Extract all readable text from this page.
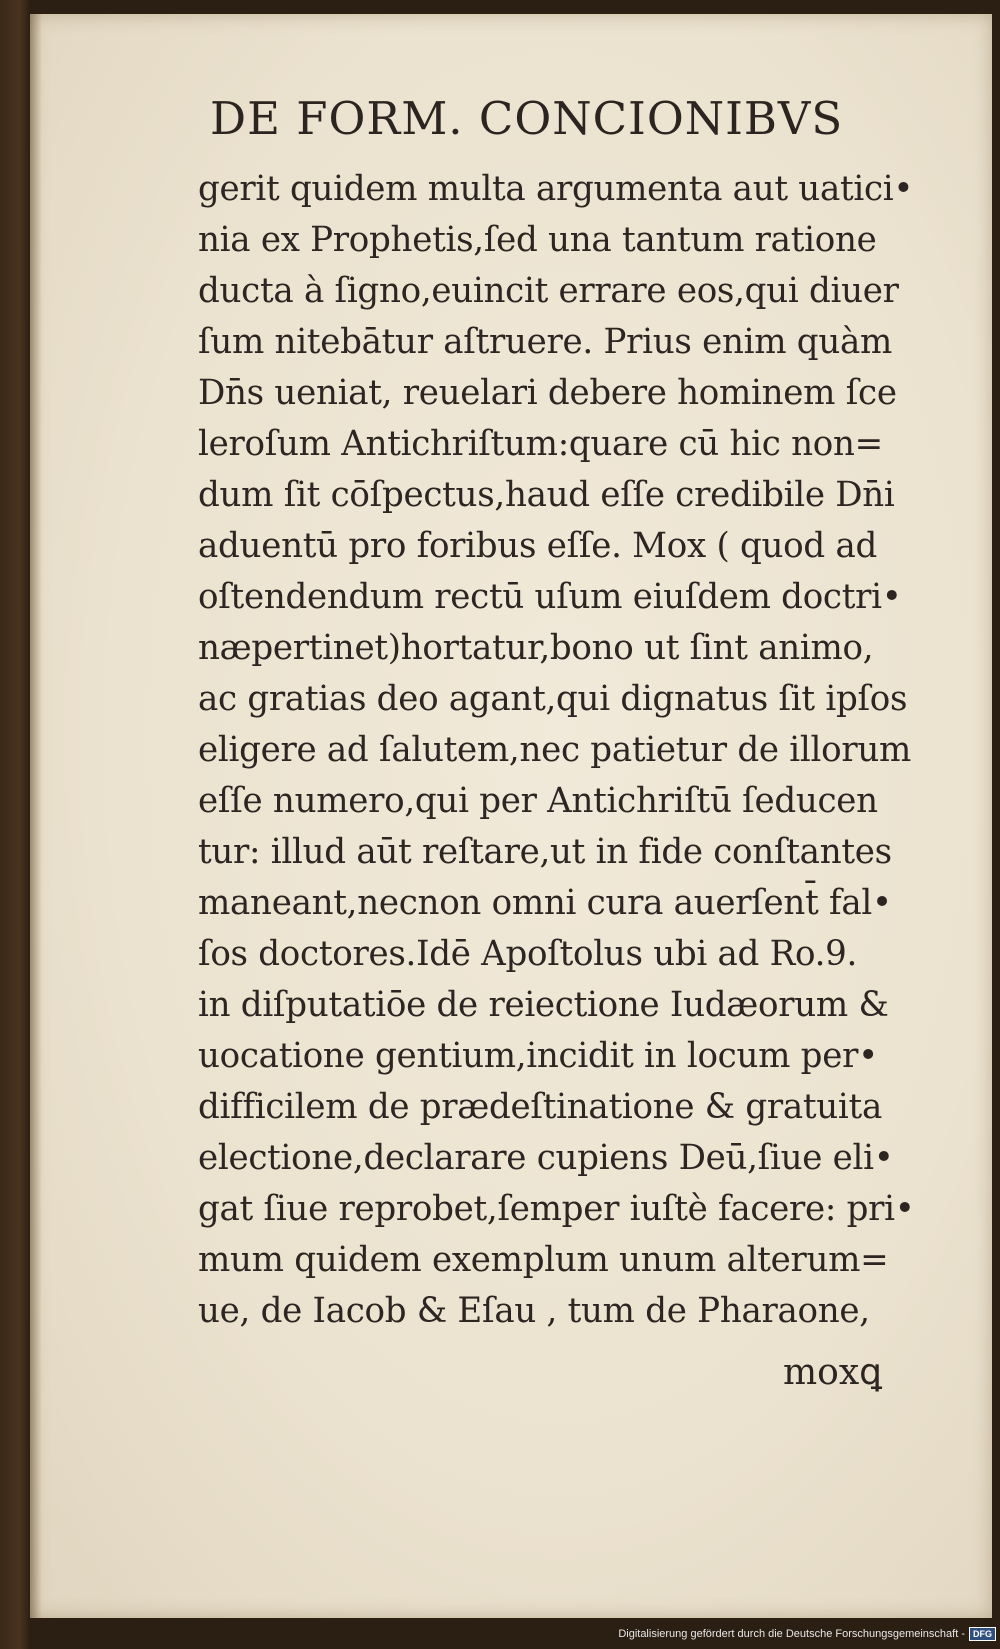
DE FORM. CONCIONIBVS
gerit quidem multa argumenta aut uatici•
nia ex Prophetis,ſed una tantum ratione
ducta à ſigno,euincit errare eos,qui diuer
ſum nitebātur aſtruere. Prius enim quàm
Dn̄s ueniat, reuelari debere hominem ſce
leroſum Antichriſtum:quare cū hic non=
dum ſit cōſpectus,haud eſſe credibile Dn̄i
aduentū pro foribus eſſe. Mox ( quod ad
oſtendendum rectū uſum eiuſdem doctri•
næpertinet)hortatur,bono ut ſint animo,
ac gratias deo agant,qui dignatus ſit ipſos
eligere ad ſalutem,nec patietur de illorum
eſſe numero,qui per Antichriſtū ſeducen
tur: illud aūt reſtare,ut in fide conſtantes
maneant,necnon omni cura auerſent̄ fal•
ſos doctores.Idē Apoſtolus ubi ad Ro.9.
in diſputatiōe de reiectione Iudæorum &
uocatione gentium,incidit in locum per•
difficilem de prædeſtinatione & gratuita
electione,declarare cupiens Deū,ſiue eli•
gat ſiue reprobet,ſemper iuſtè facere: pri•
mum quidem exemplum unum alterum=
ue, de Iacob & Eſau , tum de Pharaone,
moxꝗ
Digitalisierung gefördert durch die Deutsche Forschungsgemeinschaft - DFG
